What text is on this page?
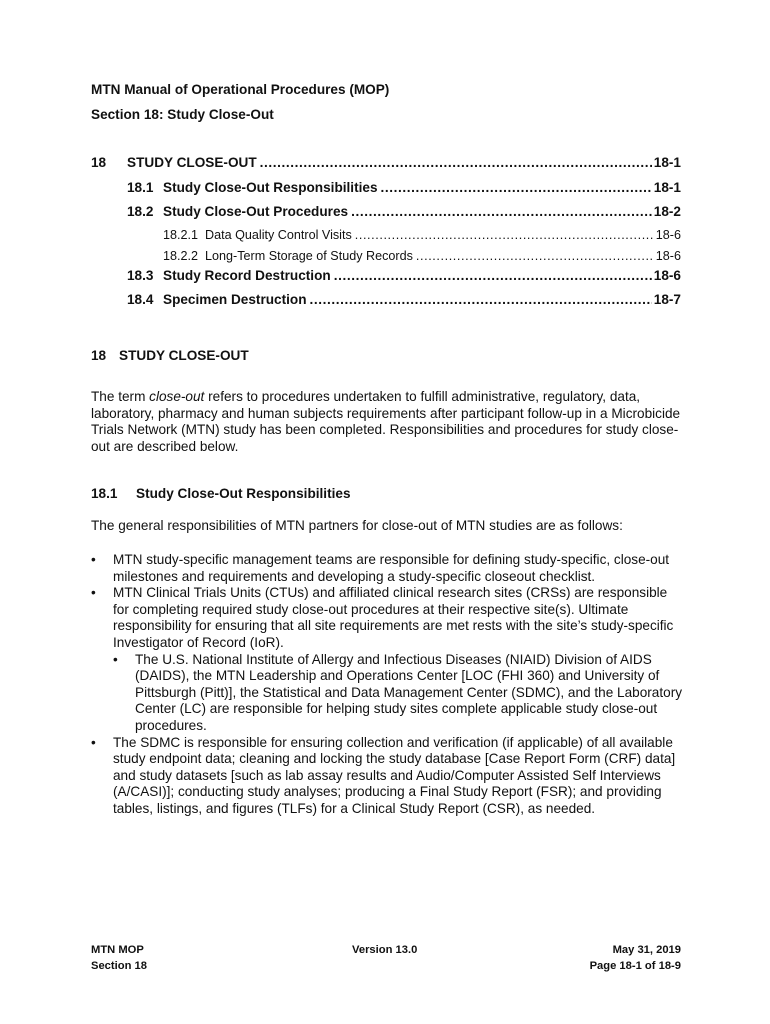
MTN Manual of Operational Procedures (MOP)
Section 18: Study Close-Out
18	STUDY CLOSE-OUT .....	18-1
18.1 Study Close-Out Responsibilities .....	18-1
18.2 Study Close-Out Procedures .....	18-2
18.2.1 Data Quality Control Visits .....	18-6
18.2.2 Long-Term Storage of Study Records .....	18-6
18.3 Study Record Destruction .....	18-6
18.4 Specimen Destruction .....	18-7
18 STUDY CLOSE-OUT

The term close-out refers to procedures undertaken to fulfill administrative, regulatory, data, laboratory, pharmacy and human subjects requirements after participant follow-up in a Microbicide Trials Network (MTN) study has been completed. Responsibilities and procedures for study close-out are described below.

18.1 Study Close-Out Responsibilities

The general responsibilities of MTN partners for close-out of MTN studies are as follows:

• MTN study-specific management teams are responsible for defining study-specific, close-out milestones and requirements and developing a study-specific closeout checklist.
• MTN Clinical Trials Units (CTUs) and affiliated clinical research sites (CRSs) are responsible for completing required study close-out procedures at their respective site(s). Ultimate responsibility for ensuring that all site requirements are met rests with the site’s study-specific Investigator of Record (IoR).
• The U.S. National Institute of Allergy and Infectious Diseases (NIAID) Division of AIDS (DAIDS), the MTN Leadership and Operations Center [LOC (FHI 360) and University of Pittsburgh (Pitt)], the Statistical and Data Management Center (SDMC), and the Laboratory Center (LC) are responsible for helping study sites complete applicable study close-out procedures.
• The SDMC is responsible for ensuring collection and verification (if applicable) of all available study endpoint data; cleaning and locking the study database [Case Report Form (CRF) data] and study datasets [such as lab assay results and Audio/Computer Assisted Self Interviews (A/CASI)]; conducting study analyses; producing a Final Study Report (FSR); and providing tables, listings, and figures (TLFs) for a Clinical Study Report (CSR), as needed.
MTN MOP
Section 18
Version 13.0	May 31, 2019
Page 18-1 of 18-9
